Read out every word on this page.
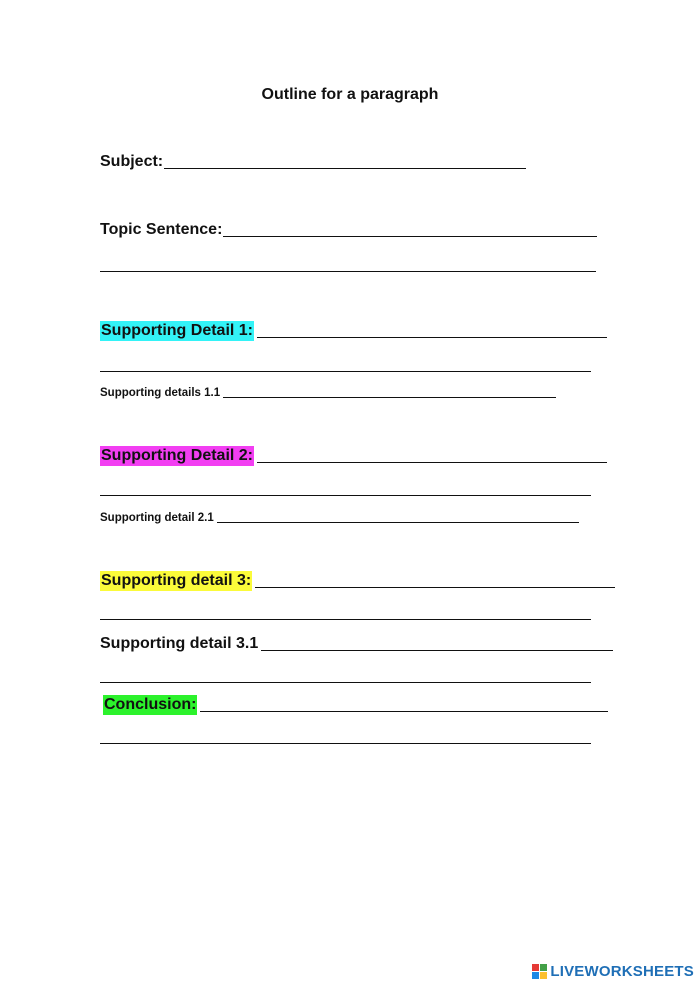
Outline for a paragraph
Subject:
Topic Sentence:
Supporting Detail 1:
Supporting details 1.1
Supporting Detail 2:
Supporting detail 2.1
Supporting detail 3:
Supporting detail 3.1
Conclusion:
LIVEWORKSHEETS
